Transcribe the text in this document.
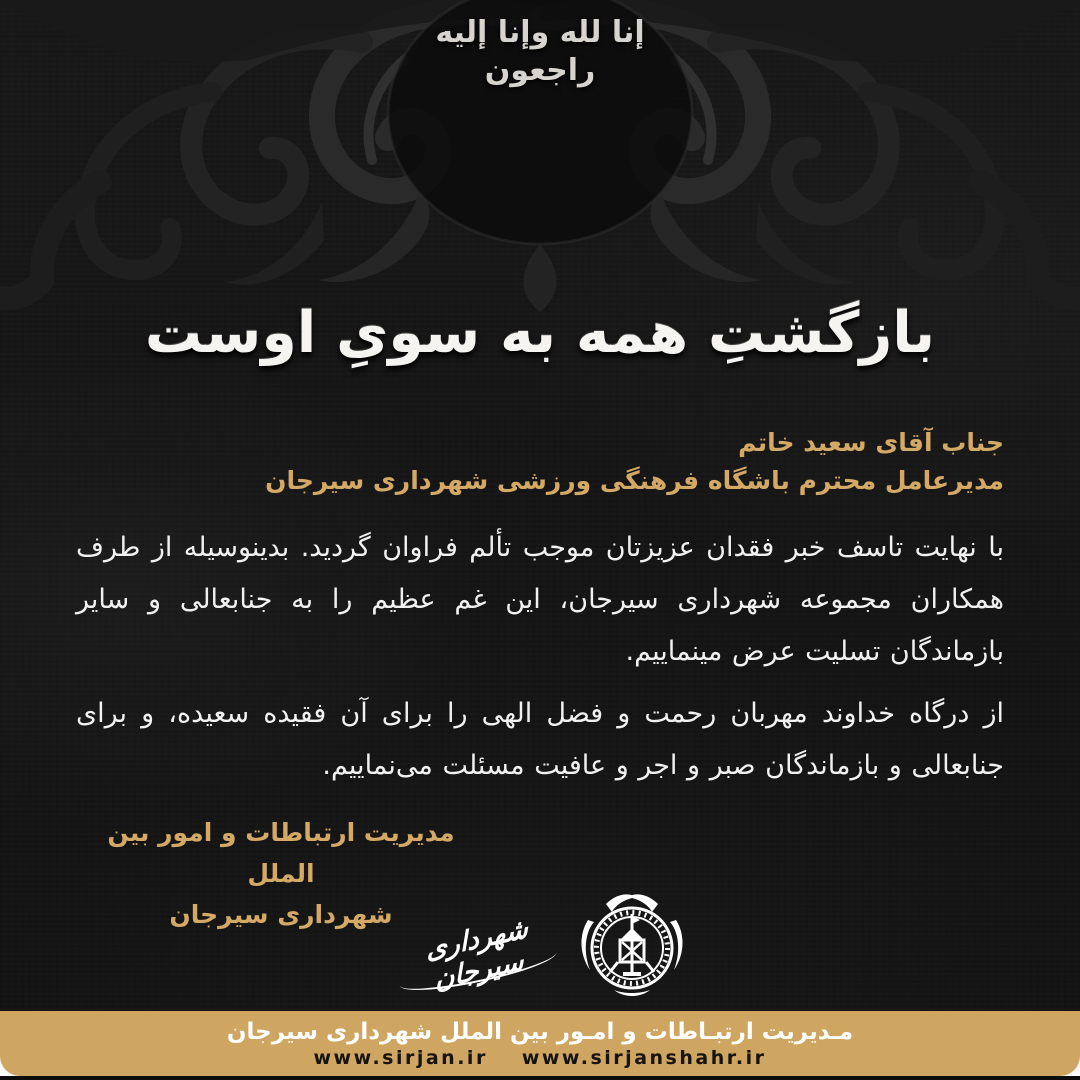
إنا لله وإنا إليه راجعون
بازگشتِ همه به سویِ اوست
جناب آقای سعید خاتم
مدیرعامل محترم باشگاه فرهنگی ورزشی شهرداری سیرجان

با نهایت تاسف خبر فقدان عزیزتان موجب تألم فراوان گردید. بدینوسیله از طرف همکاران مجموعه شهرداری سیرجان، این غم عظیم را به جنابعالی و سایر بازماندگان تسلیت عرض مینماییم.

از درگاه خداوند مهربان رحمت و فضل الهی را برای آن فقیده سعیده، و برای جنابعالی و بازماندگان صبر و اجر و عافیت مسئلت می‌نماییم.

مدیریت ارتباطات و امور بین الملل
شهرداری سیرجان	شهرداری سیرجان
مـدیریت ارتبـاطات و امـور بین الملل شهرداری سیرجان
www.sirjan.ir www.sirjanshahr.ir
